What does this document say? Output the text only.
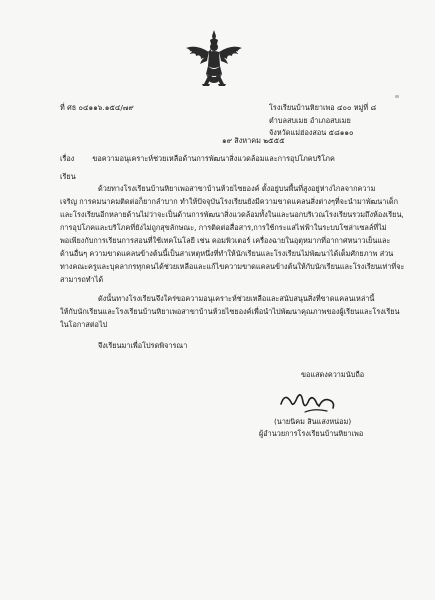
ที่ ศธ ๐๔๑๑๖.๑๕๔/๗๙	โรงเรียนบ้านหิยาเพอ ๔๐๐ หมู่ที่ ๘
ตำบลสบเมย อำเภอสบเมย
จังหวัดแม่ฮ่องสอน ๕๘๑๑๐
๑๙ สิงหาคม ๒๕๕๕
เรื่อง ขอความอนุเคราะห์ช่วยเหลือด้านการพัฒนาสิ่งแวดล้อมและการอุปโภคบริโภค
เรียน
ด้วยทางโรงเรียนบ้านหิยาเพอสาขาบ้านห้วยไซยองค์ ตั้งอยู่บนพื้นที่สูงอยู่ห่างไกลจากความ
เจริญ การคมนาคมติดต่อก็ยากลำบาก ทำให้ปัจจุบันโรงเรียนยังมีความขาดแคลนสิ่งต่างๆที่จะนำมาพัฒนาเด็ก
และโรงเรียนอีกหลายด้านไม่ว่าจะเป็นด้านการพัฒนาสิ่งแวดล้อมทั้งในและนอกบริเวณโรงเรียนรวมถึงห้องเรียน,
การอุปโภคและบริโภคที่ยังไม่ถูกสุขลักษณะ, การติดต่อสื่อสาร,การใช้กระแสไฟฟ้าในระบบโซล่าเซลล์ที่ไม่
พอเพียงกับการเรียนการสอนที่ใช้เทคโนโลยี เช่น คอมพิวเตอร์ เครื่องฉายในอุตุหมากที่อากาศหนาวเย็นและ
ด้านอื่นๆ ความขาดแคลนข้างต้นนี้เป็นสาเหตุหนึ่งที่ทำให้นักเรียนและโรงเรียนไม่พัฒนาได้เต็มศักยภาพ ส่วน
ทางคณะครูและบุคลากรทุกคนได้ช่วยเหลือและแก้ไขความขาดแคลนข้างต้นให้กับนักเรียนและโรงเรียนเท่าที่จะ
สามารถทำได้
ดังนั้นทางโรงเรียนจึงใคร่ขอความอนุเคราะห์ช่วยเหลือและสนับสนุนสิ่งที่ขาดแคลนเหล่านี้
ให้กับนักเรียนและโรงเรียนบ้านหิยาเพอสาขาบ้านห้วยไซยองค์เพื่อนำไปพัฒนาคุณภาพของผู้เรียนและโรงเรียน
ในโอกาสต่อไป
จึงเรียนมาเพื่อโปรดพิจารณา
ขอแสดงความนับถือ
(นายนิคม สินแสงหน่อม)
ผู้อำนวยการโรงเรียนบ้านหิยาเพอ
